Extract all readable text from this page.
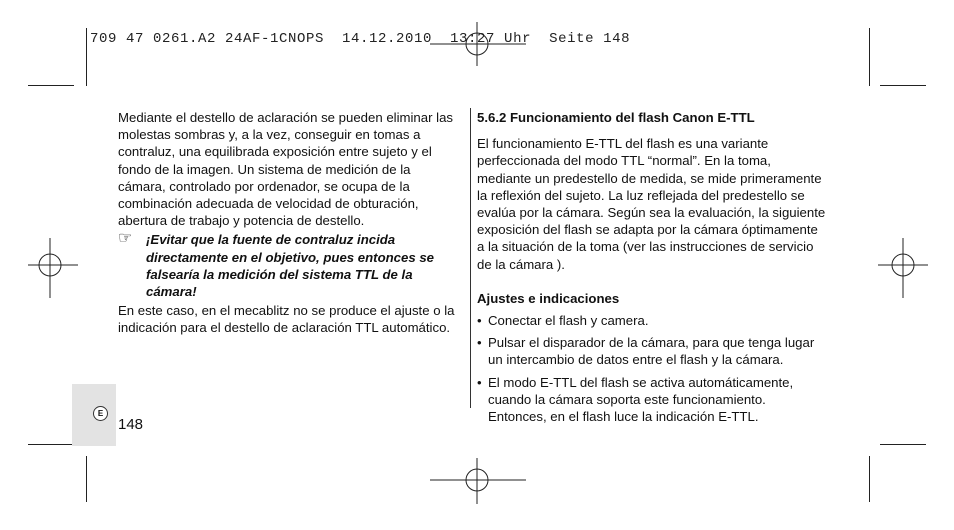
709 47 0261.A2 24AF-1CNOPS  14.12.2010  13:27 Uhr  Seite 148

Mediante el destello de aclaración se pueden eliminar las molestas sombras y, a la vez, conseguir en tomas a contraluz, una equilibrada exposición entre sujeto y el fondo de la imagen. Un sistema de medición de la cámara, controlado por ordenador, se ocupa de la combinación adecuada de velocidad de obturación, abertura de trabajo y potencia de destello.

☞ ¡Evitar que la fuente de contraluz incida directamente en el objetivo, pues entonces se falsearía la medición del sistema TTL de la cámara!

En este caso, en el mecablitz no se produce el ajuste o la indicación para el destello de aclaración TTL automático.

5.6.2 Funcionamiento del flash Canon E-TTL

El funcionamiento E-TTL del flash es una variante perfeccionada del modo TTL “normal”. En la toma, mediante un predestello de medida, se mide primeramente la reflexión del sujeto. La luz reflejada del predestello se evalúa por la cámara. Según sea la evaluación, la siguiente exposición del flash se adapta por la cámara óptimamente a la situación de la toma (ver las instrucciones de servicio de la cámara ).

Ajustes e indicaciones
• Conectar el flash y camera.
• Pulsar el disparador de la cámara, para que tenga lugar un intercambio de datos entre el flash y la cámara.
• El modo E-TTL del flash se activa automáticamente, cuando la cámara soporta este funcionamiento. Entonces, en el flash luce la indicación E-TTL.
E
148
